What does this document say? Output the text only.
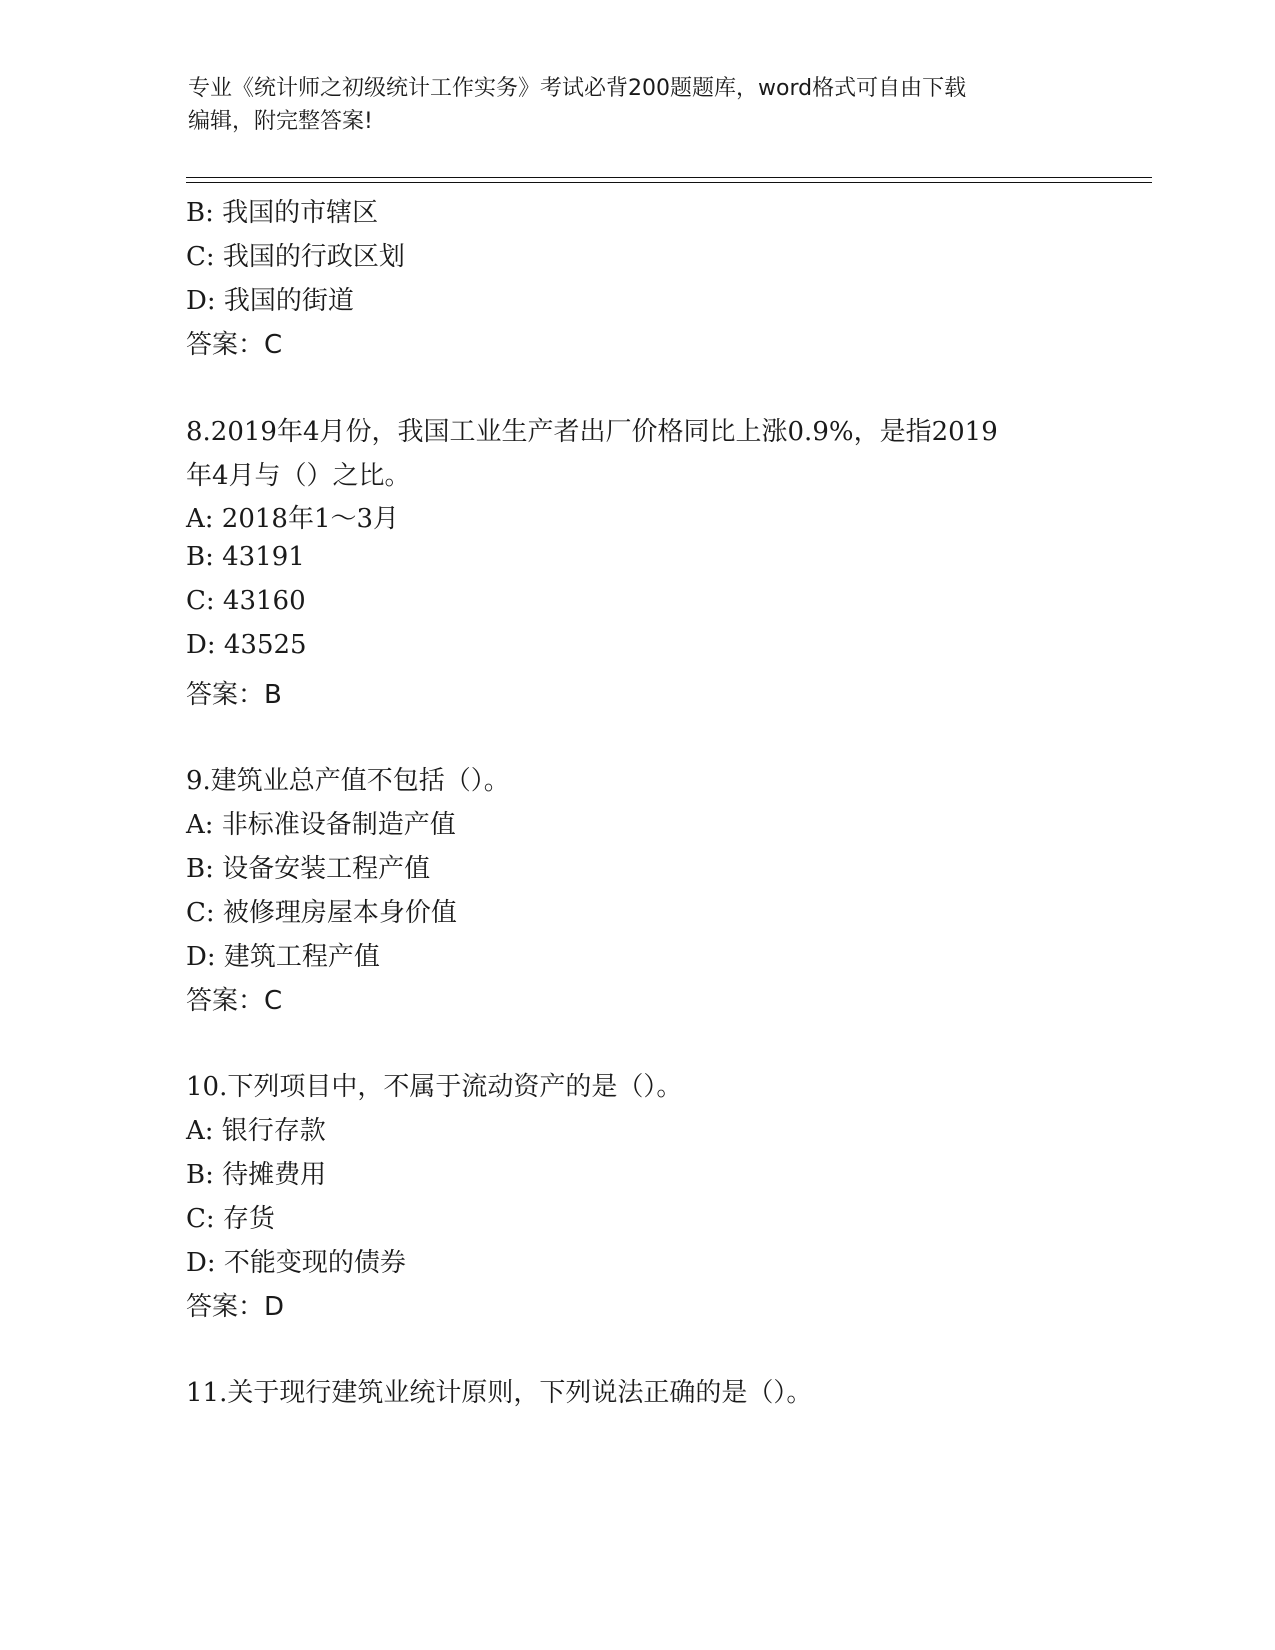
专业《统计师之初级统计工作实务》考试必背200题题库，word格式可自由下载
编辑，附完整答案!
B: 我国的市辖区
C: 我国的行政区划
D: 我国的街道
答案：C
8.2019年4月份，我国工业生产者出厂价格同比上涨0.9%，是指2019
年4月与（）之比。
A: 2018年1～3月
B: 43191
C: 43160
D: 43525
答案：B
9.建筑业总产值不包括（）。
A: 非标准设备制造产值
B: 设备安装工程产值
C: 被修理房屋本身价值
D: 建筑工程产值
答案：C
10.下列项目中，不属于流动资产的是（）。
A: 银行存款
B: 待摊费用
C: 存货
D: 不能变现的债券
答案：D
11.关于现行建筑业统计原则，下列说法正确的是（）。
